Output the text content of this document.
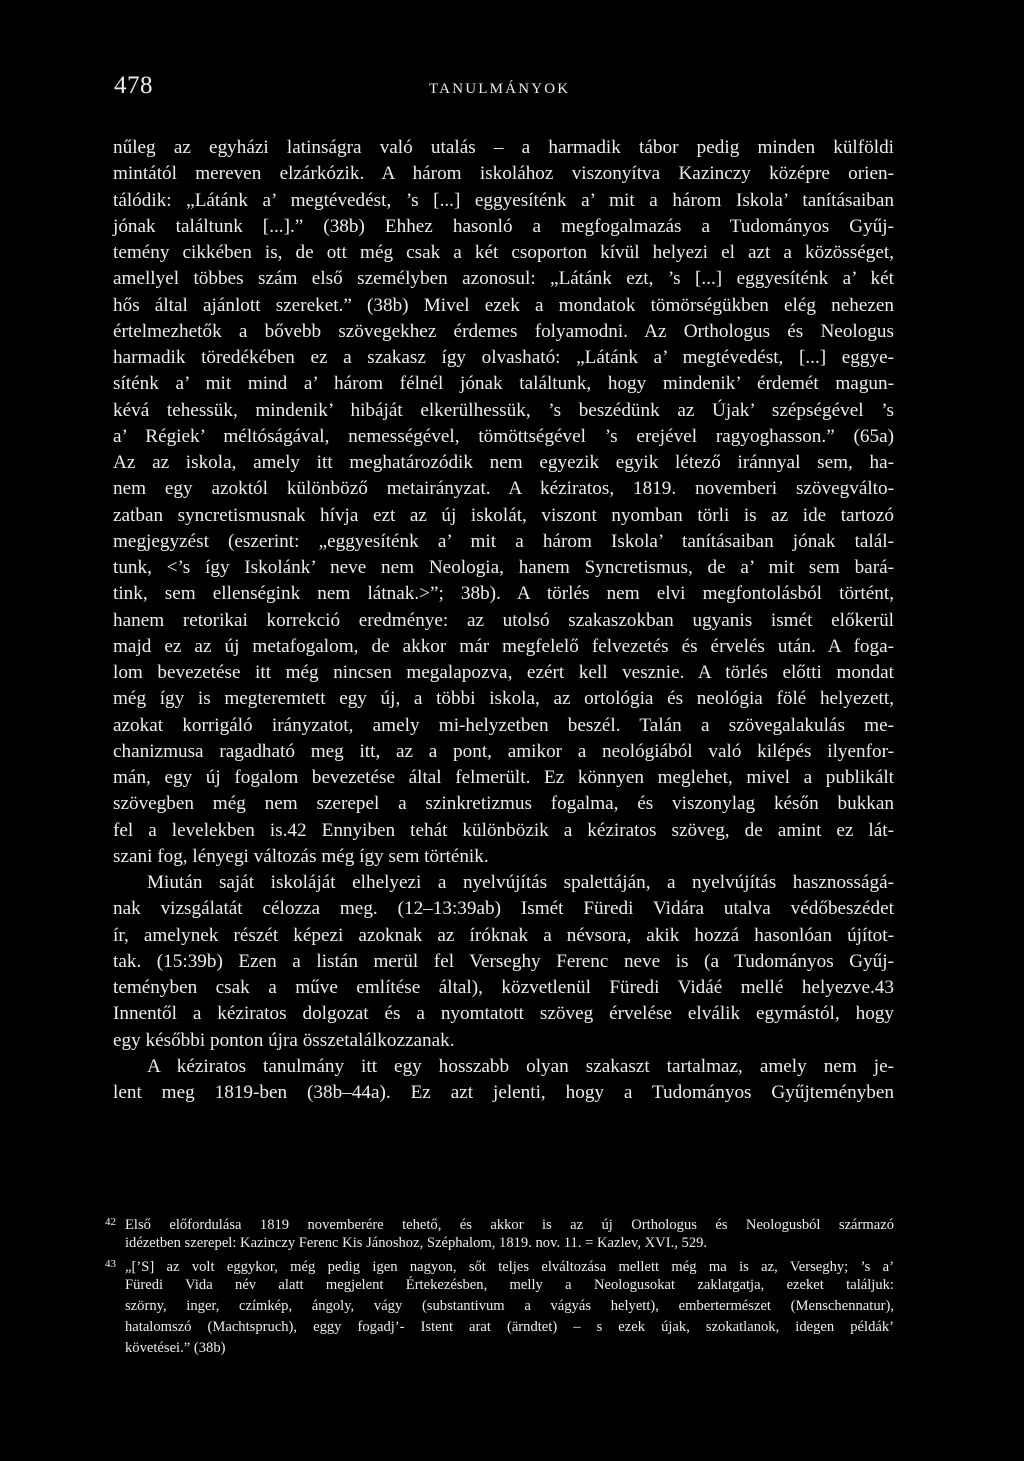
478	TANULMÁNYOK
nűleg az egyházi latinságra való utalás – a harmadik tábor pedig minden külföldi
mintától mereven elzárkózik. A három iskolához viszonyítva Kazinczy középre orien-
tálódik: „Látánk a’ megtévedést, ’s [...] eggyesíténk a’ mit a három Iskola’ tanításaiban
jónak találtunk [...].” (38b) Ehhez hasonló a megfogalmazás a Tudományos Gyűj-
temény cikkében is, de ott még csak a két csoporton kívül helyezi el azt a közösséget,
amellyel többes szám első személyben azonosul: „Látánk ezt, ’s [...] eggyesíténk a’ két
hős által ajánlott szereket.” (38b) Mivel ezek a mondatok tömörségükben elég nehezen
értelmezhetők a bővebb szövegekhez érdemes folyamodni. Az Orthologus és Neologus
harmadik töredékében ez a szakasz így olvasható: „Látánk a’ megtévedést, [...] eggye-
síténk a’ mit mind a’ három félnél jónak találtunk, hogy mindenik’ érdemét magun-
kévá tehessük, mindenik’ hibáját elkerülhessük, ’s beszédünk az Újak’ szépségével ’s
a’ Régiek’ méltóságával, nemességével, tömöttségével ’s erejével ragyoghasson.” (65a)
Az az iskola, amely itt meghatározódik nem egyezik egyik létező iránnyal sem, ha-
nem egy azoktól különböző metairányzat. A kéziratos, 1819. novemberi szövegválto-
zatban syncretismusnak hívja ezt az új iskolát, viszont nyomban törli is az ide tartozó
megjegyzést (eszerint: „eggyesíténk a’ mit a három Iskola’ tanításaiban jónak talál-
tunk, <’s így Iskolánk’ neve nem Neologia, hanem Syncretismus, de a’ mit sem bará-
tink, sem ellenségink nem látnak.>”; 38b). A törlés nem elvi megfontolásból történt,
hanem retorikai korrekció eredménye: az utolsó szakaszokban ugyanis ismét előkerül
majd ez az új metafogalom, de akkor már megfelelő felvezetés és érvelés után. A foga-
lom bevezetése itt még nincsen megalapozva, ezért kell vesznie. A törlés előtti mondat
még így is megteremtett egy új, a többi iskola, az ortológia és neológia fölé helyezett,
azokat korrigáló irányzatot, amely mi-helyzetben beszél. Talán a szövegalakulás me-
chanizmusa ragadható meg itt, az a pont, amikor a neológiából való kilépés ilyenfor-
mán, egy új fogalom bevezetése által felmerült. Ez könnyen meglehet, mivel a publikált
szövegben még nem szerepel a szinkretizmus fogalma, és viszonylag későn bukkan
fel a levelekben is.42 Ennyiben tehát különbözik a kéziratos szöveg, de amint ez lát-
szani fog, lényegi változás még így sem történik.
Miután saját iskoláját elhelyezi a nyelvújítás spalettáján, a nyelvújítás hasznosságá-
nak vizsgálatát célozza meg. (12–13:39ab) Ismét Füredi Vidára utalva védőbeszédet
ír, amelynek részét képezi azoknak az íróknak a névsora, akik hozzá hasonlóan újítot-
tak. (15:39b) Ezen a listán merül fel Verseghy Ferenc neve is (a Tudományos Gyűj-
teményben csak a műve említése által), közvetlenül Füredi Vidáé mellé helyezve.43
Innentől a kéziratos dolgozat és a nyomtatott szöveg érvelése elválik egymástól, hogy
egy későbbi ponton újra összetalálkozzanak.
A kéziratos tanulmány itt egy hosszabb olyan szakaszt tartalmaz, amely nem je-
lent meg 1819-ben (38b–44a). Ez azt jelenti, hogy a Tudományos Gyűjteményben
42 Első előfordulása 1819 novemberére tehető, és akkor is az új Orthologus és Neologusból származó
idézetben szerepel: Kazinczy Ferenc Kis Jánoshoz, Széphalom, 1819. nov. 11. = Kazlev, XVI., 529.
43 „[’S] az volt eggykor, még pedig igen nagyon, sőt teljes elváltozása mellett még ma is az, Verseghy; ’s a’
Füredi Vida név alatt megjelent Értekezésben, melly a Neologusokat zaklatgatja, ezeket találjuk:
szörny, inger, czímkép, ángoly, vágy (substantivum a vágyás helyett), embertermészet (Menschennatur),
hatalomszó (Machtspruch), eggy fogadj’- Istent arat (ärndtet) – s ezek újak, szokatlanok, idegen példák’
követései.” (38b)
